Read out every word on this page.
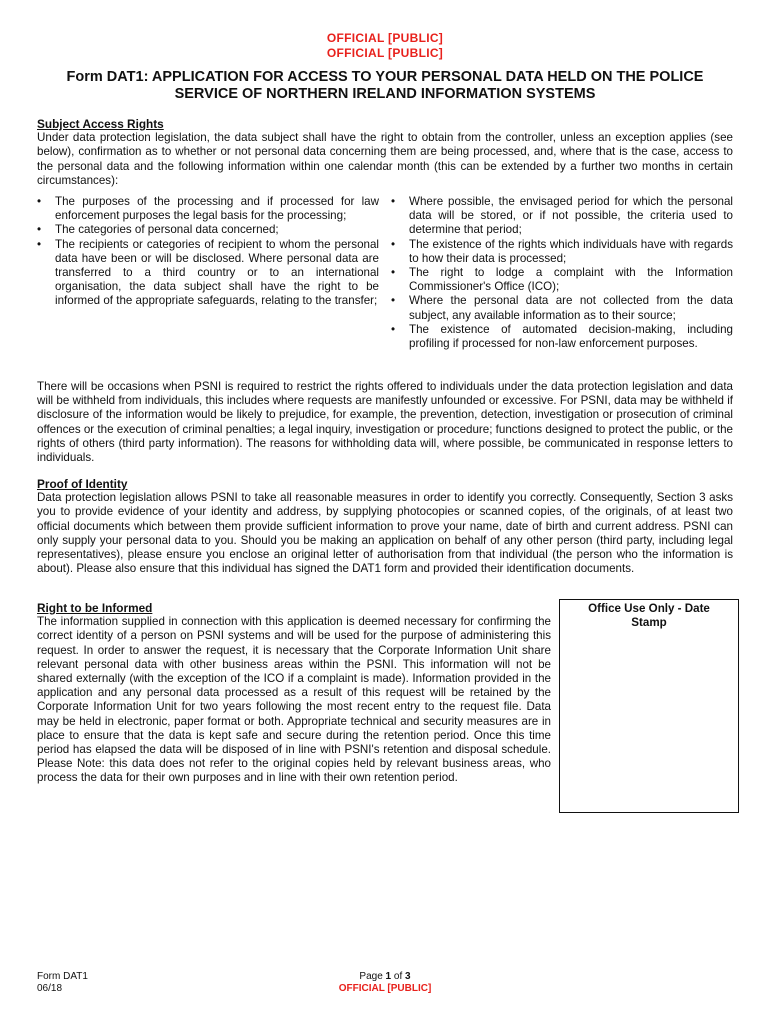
OFFICIAL [PUBLIC]
OFFICIAL [PUBLIC]
Form DAT1: APPLICATION FOR ACCESS TO YOUR PERSONAL DATA HELD ON THE POLICE SERVICE OF NORTHERN IRELAND INFORMATION SYSTEMS
Subject Access Rights

Under data protection legislation, the data subject shall have the right to obtain from the controller, unless an exception applies (see below), confirmation as to whether or not personal data concerning them are being processed, and, where that is the case, access to the personal data and the following information within one calendar month (this can be extended by a further two months in certain circumstances):

• The purposes of the processing and if processed for law enforcement purposes the legal basis for the processing;
• The categories of personal data concerned;
• The recipients or categories of recipient to whom the personal data have been or will be disclosed. Where personal data are transferred to a third country or to an international organisation, the data subject shall have the right to be informed of the appropriate safeguards, relating to the transfer;
• Where possible, the envisaged period for which the personal data will be stored, or if not possible, the criteria used to determine that period;
• The existence of the rights which individuals have with regards to how their data is processed;
• The right to lodge a complaint with the Information Commissioner's Office (ICO);
• Where the personal data are not collected from the data subject, any available information as to their source;
• The existence of automated decision-making, including profiling if processed for non-law enforcement purposes.

There will be occasions when PSNI is required to restrict the rights offered to individuals under the data protection legislation and data will be withheld from individuals, this includes where requests are manifestly unfounded or excessive. For PSNI, data may be withheld if disclosure of the information would be likely to prejudice, for example, the prevention, detection, investigation or prosecution of criminal offences or the execution of criminal penalties; a legal inquiry, investigation or procedure; functions designed to protect the public, or the rights of others (third party information). The reasons for withholding data will, where possible, be communicated in response letters to individuals.

Proof of Identity

Data protection legislation allows PSNI to take all reasonable measures in order to identify you correctly. Consequently, Section 3 asks you to provide evidence of your identity and address, by supplying photocopies or scanned copies, of the originals, of at least two official documents which between them provide sufficient information to prove your name, date of birth and current address. PSNI can only supply your personal data to you. Should you be making an application on behalf of any other person (third party, including legal representatives), please ensure you enclose an original letter of authorisation from that individual (the person who the information is about). Please also ensure that this individual has signed the DAT1 form and provided their identification documents.

Right to be Informed

The information supplied in connection with this application is deemed necessary for confirming the correct identity of a person on PSNI systems and will be used for the purpose of administering this request. In order to answer the request, it is necessary that the Corporate Information Unit share relevant personal data with other business areas within the PSNI. This information will not be shared externally (with the exception of the ICO if a complaint is made). Information provided in the application and any personal data processed as a result of this request will be retained by the Corporate Information Unit for two years following the most recent entry to the request file. Data may be held in electronic, paper format or both. Appropriate technical and security measures are in place to ensure that the data is kept safe and secure during the retention period. Once this time period has elapsed the data will be disposed of in line with PSNI's retention and disposal schedule. Please Note: this data does not refer to the original copies held by relevant business areas, who process the data for their own purposes and in line with their own retention period.

Office Use Only - Date
Stamp
Form DAT1
06/18
Page 1 of 3
OFFICIAL [PUBLIC]
